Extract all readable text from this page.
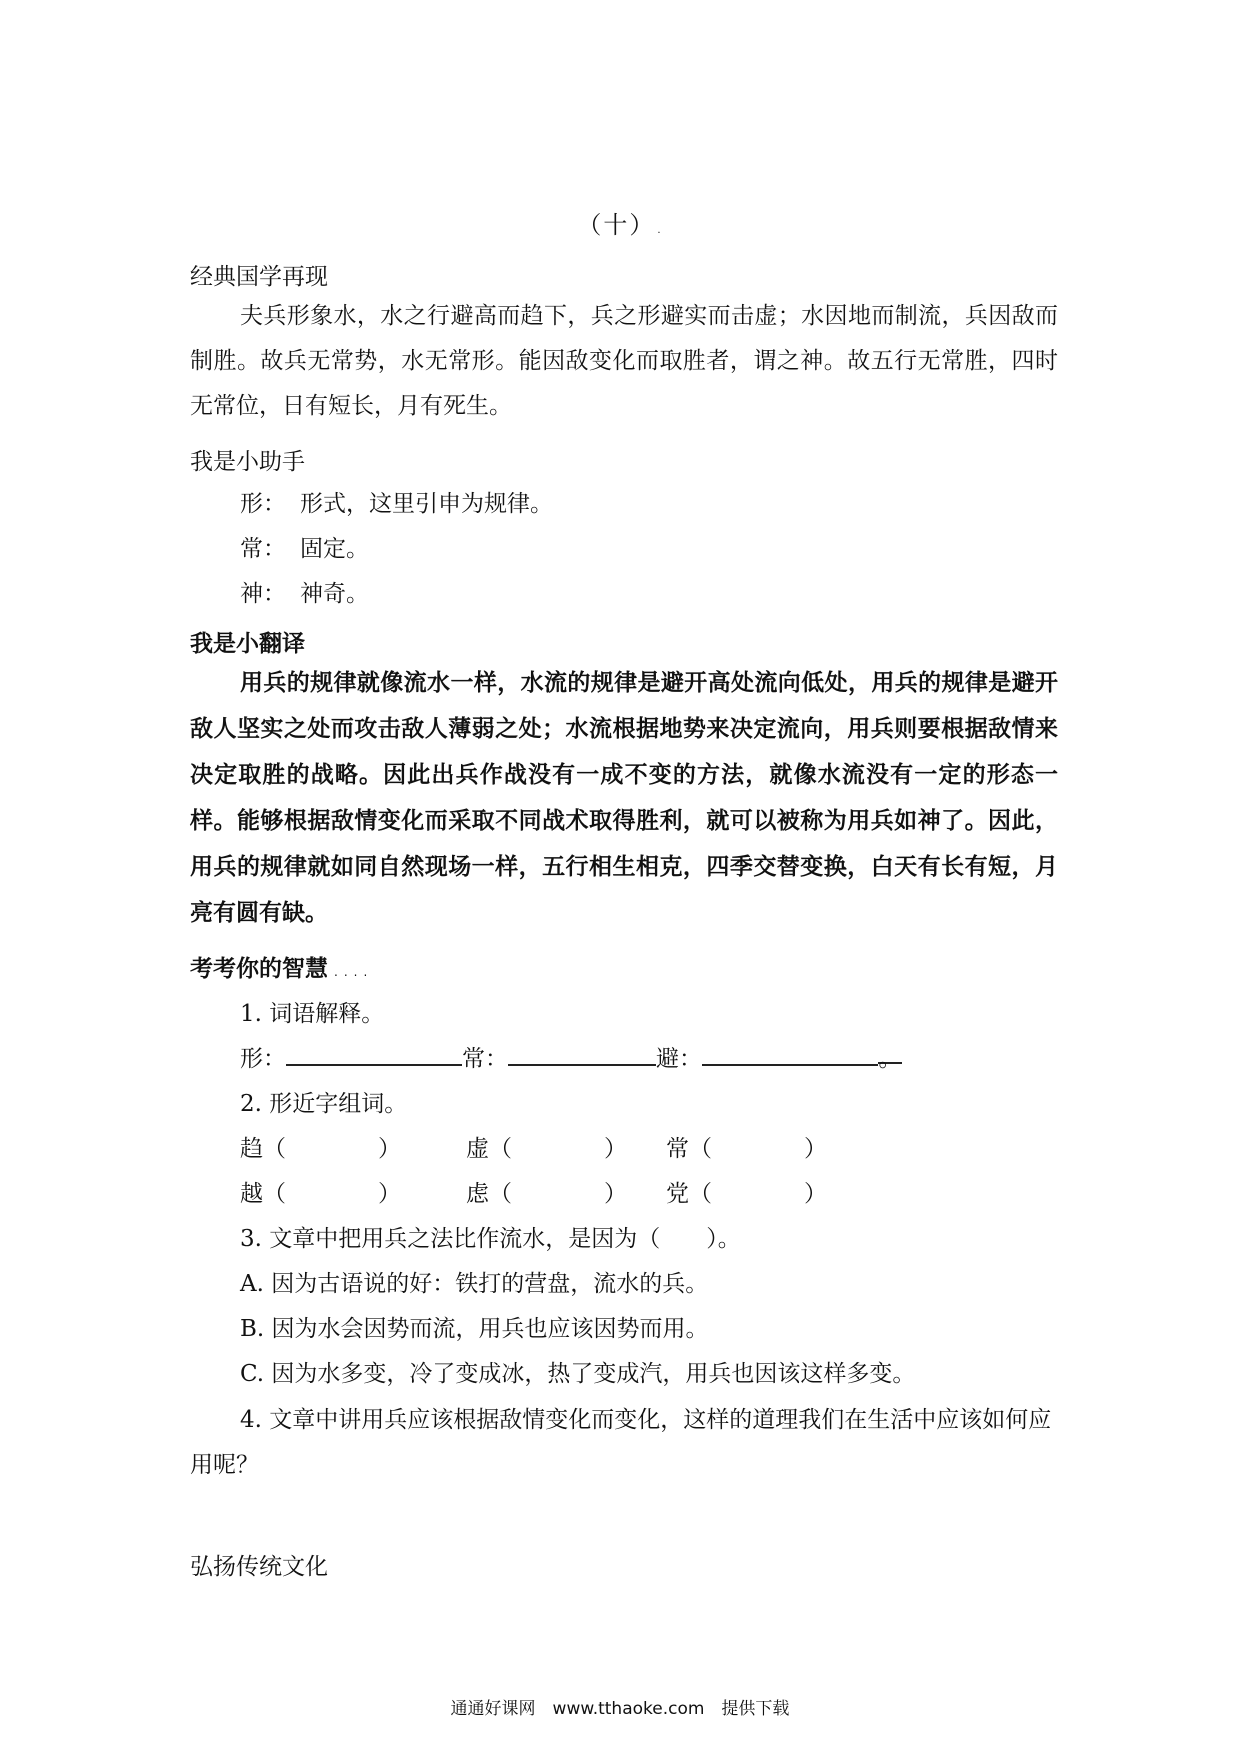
（十） .
经典国学再现
夫兵形象水，水之行避高而趋下，兵之形避实而击虚；水因地而制流，兵因敌而制胜。故兵无常势，水无常形。能因敌变化而取胜者，谓之神。故五行无常胜，四时无常位，日有短长，月有死生。
我是小助手
形： 形式，这里引申为规律。
常： 固定。
神： 神奇。
我是小翻译
用兵的规律就像流水一样，水流的规律是避开高处流向低处，用兵的规律是避开敌人坚实之处而攻击敌人薄弱之处；水流根据地势来决定流向，用兵则要根据敌情来决定取胜的战略。因此出兵作战没有一成不变的方法，就像水流没有一定的形态一样。能够根据敌情变化而采取不同战术取得胜利，就可以被称为用兵如神了。因此，用兵的规律就如同自然现场一样，五行相生相克，四季交替变换，白天有长有短，月亮有圆有缺。
考考你的智慧 ....
1. 词语解释。
形：	常：	避：	。
2. 形近字组词。
趋（　　　　）	虚（　　　　） 常（　　　　）
越（　　　　）	虑（　　　　） 党（　　　　）
3. 文章中把用兵之法比作流水，是因为（　　）。
A. 因为古语说的好：铁打的营盘，流水的兵。
B. 因为水会因势而流，用兵也应该因势而用。
C. 因为水多变，冷了变成冰，热了变成汽，用兵也因该这样多变。
4. 文章中讲用兵应该根据敌情变化而变化，这样的道理我们在生活中应该如何应用呢？
弘扬传统文化
通通好课网　www.tthaoke.com　提供下载
